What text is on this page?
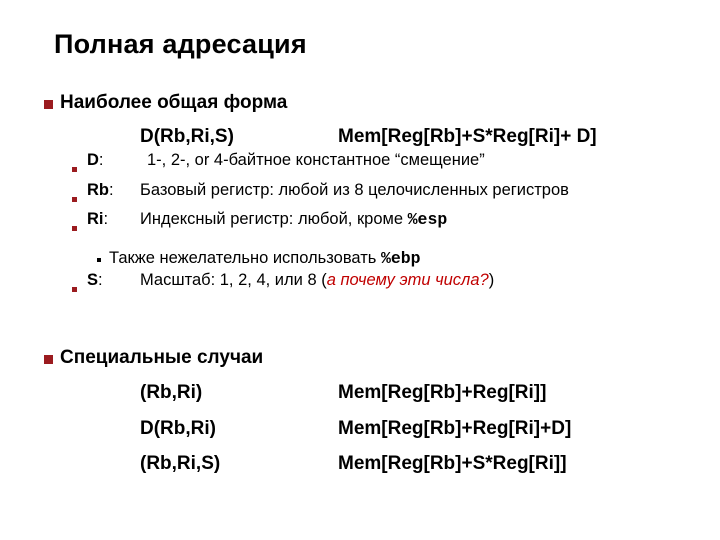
Полная адресация
Наиболее общая форма
D(Rb,Ri,S)	Mem[Reg[Rb]+S*Reg[Ri]+ D]
D:	1-, 2-, or 4-байтное константное “смещение”
Rb: Базовый регистр: любой из 8 целочисленных регистров
Ri: Индексный регистр: любой, кроме %esp
Также нежелательно использовать %ebp
S: Масштаб: 1, 2, 4, или 8 (а почему эти числа?)
Специальные случаи
(Rb,Ri)	Mem[Reg[Rb]+Reg[Ri]]
D(Rb,Ri)	Mem[Reg[Rb]+Reg[Ri]+D]
(Rb,Ri,S)	Mem[Reg[Rb]+S*Reg[Ri]]
